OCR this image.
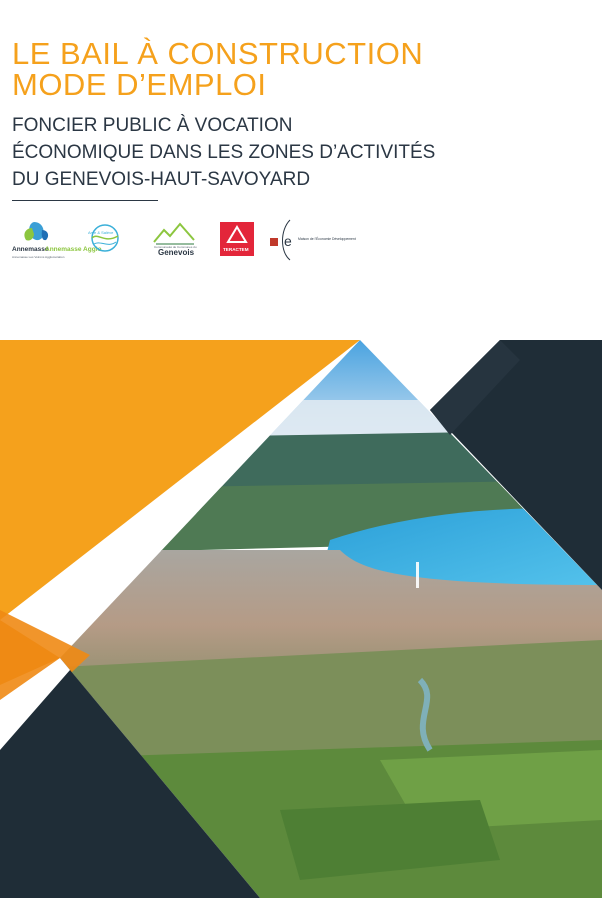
LE BAIL À CONSTRUCTION
MODE D’EMPLOI
FONCIER PUBLIC À VOCATION
ÉCONOMIQUE DANS LES ZONES D’ACTIVITÉS
DU GENEVOIS-HAUT-SAVOYARD
Annemasse
Annemasse Agglo
Annemasse Les Voirons Agglomération
Arve & Salève
Communauté de Communes du
Genevois	TERACTEM
e Maison de l'Économie Développement
